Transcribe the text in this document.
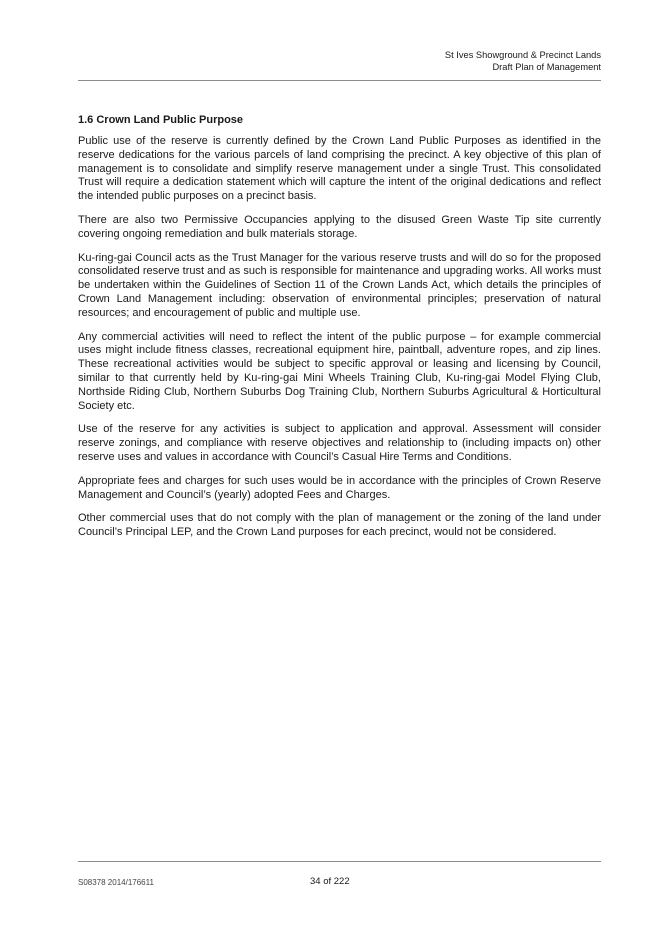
St Ives Showground & Precinct Lands
Draft Plan of Management
1.6 Crown Land Public Purpose

Public use of the reserve is currently defined by the Crown Land Public Purposes as identified in the reserve dedications for the various parcels of land comprising the precinct. A key objective of this plan of management is to consolidate and simplify reserve management under a single Trust. This consolidated Trust will require a dedication statement which will capture the intent of the original dedications and reflect the intended public purposes on a precinct basis.

There are also two Permissive Occupancies applying to the disused Green Waste Tip site currently covering ongoing remediation and bulk materials storage.

Ku-ring-gai Council acts as the Trust Manager for the various reserve trusts and will do so for the proposed consolidated reserve trust and as such is responsible for maintenance and upgrading works. All works must be undertaken within the Guidelines of Section 11 of the Crown Lands Act, which details the principles of Crown Land Management including: observation of environmental principles; preservation of natural resources; and encouragement of public and multiple use.

Any commercial activities will need to reflect the intent of the public purpose – for example commercial uses might include fitness classes, recreational equipment hire, paintball, adventure ropes, and zip lines. These recreational activities would be subject to specific approval or leasing and licensing by Council, similar to that currently held by Ku-ring-gai Mini Wheels Training Club, Ku-ring-gai Model Flying Club, Northside Riding Club, Northern Suburbs Dog Training Club, Northern Suburbs Agricultural & Horticultural Society etc.

Use of the reserve for any activities is subject to application and approval. Assessment will consider reserve zonings, and compliance with reserve objectives and relationship to (including impacts on) other reserve uses and values in accordance with Council’s Casual Hire Terms and Conditions.

Appropriate fees and charges for such uses would be in accordance with the principles of Crown Reserve Management and Council’s (yearly) adopted Fees and Charges.

Other commercial uses that do not comply with the plan of management or the zoning of the land under Council’s Principal LEP, and the Crown Land purposes for each precinct, would not be considered.

S08378 2014/176611	34 of 222
